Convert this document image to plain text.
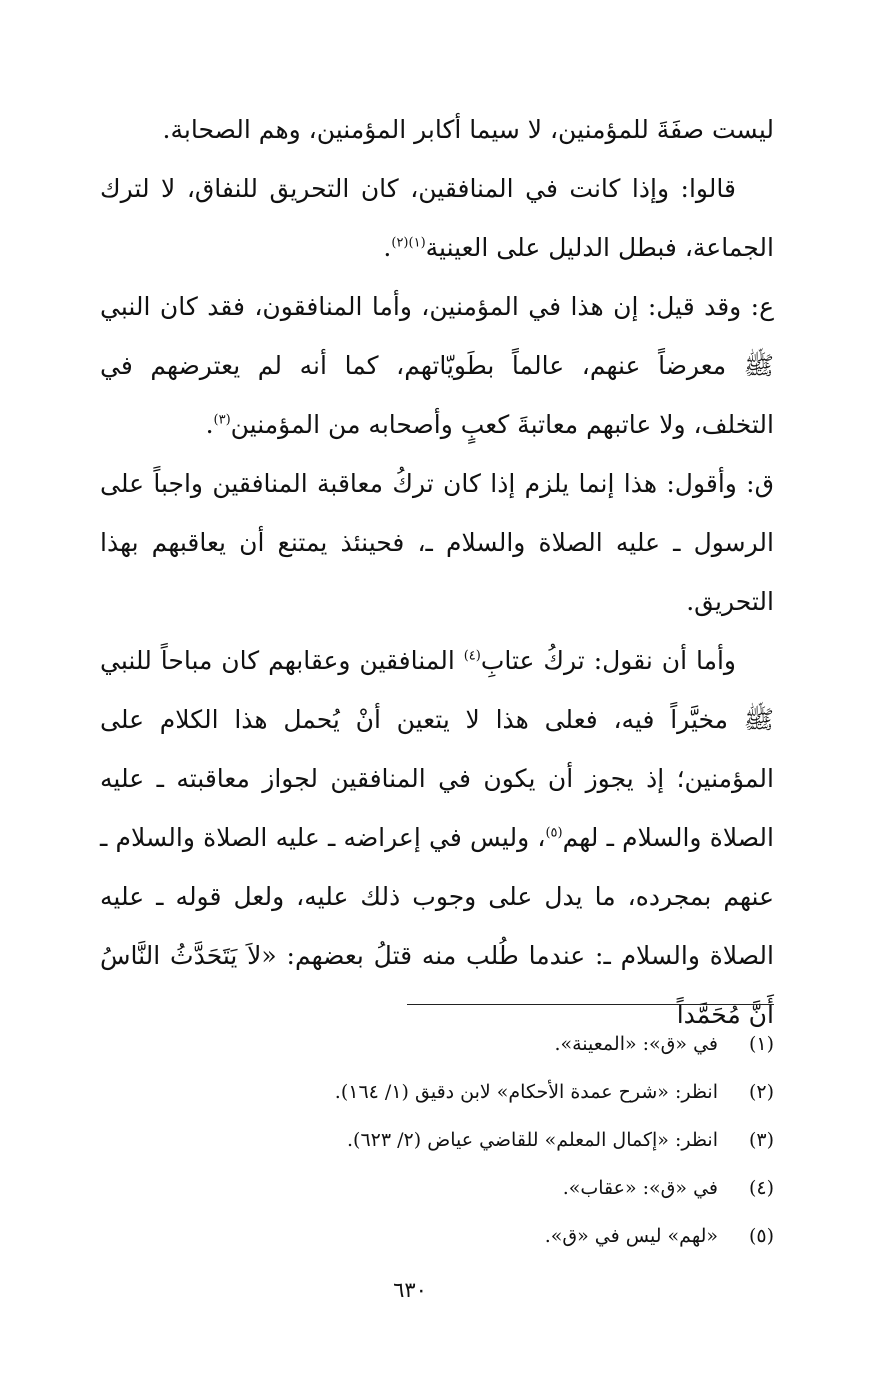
ليست صفَةَ للمؤمنين، لا سيما أكابر المؤمنين، وهم الصحابة.

قالوا: وإذا كانت في المنافقين، كان التحريق للنفاق، لا لترك الجماعة، فبطل الدليل على العينية$^{(١)(٢)}$.

ع: وقد قيل: إن هذا في المؤمنين، وأما المنافقون، فقد كان النبي ﷺ معرضاً عنهم، عالماً بطَويّاتهم، كما أنه لم يعترضهم في التخلف، ولا عاتبهم معاتبةَ كعبٍ وأصحابه من المؤمنين$^{(٣)}$.

ق: وأقول: هذا إنما يلزم إذا كان تركُ معاقبة المنافقين واجباً على الرسول ـ عليه الصلاة والسلام ـ، فحينئذ يمتنع أن يعاقبهم بهذا التحريق.

وأما أن نقول: تركُ عتابِ$^{(٤)}$ المنافقين وعقابهم كان مباحاً للنبي ﷺ مخيَّراً فيه، فعلى هذا لا يتعين أنْ يُحمل هذا الكلام على المؤمنين؛ إذ يجوز أن يكون في المنافقين لجواز معاقبته ـ عليه الصلاة والسلام ـ لهم$^{(٥)}$، وليس في إعراضه ـ عليه الصلاة والسلام ـ عنهم بمجرده، ما يدل على وجوب ذلك عليه، ولعل قوله ـ عليه الصلاة والسلام ـ: عندما طُلب منه قتلُ بعضهم: «لاَ يَتَحَدَّثُ النَّاسُ أَنَّ مُحَمَّداً

(١)
في «ق»: «المعينة».
(٢)
انظر: «شرح عمدة الأحكام» لابن دقيق (١/ ١٦٤).
(٣)
انظر: «إكمال المعلم» للقاضي عياض (٢/ ٦٢٣).
(٤)
في «ق»: «عقاب».
(٥)
«لهم» ليس في «ق».
٦٣٠
